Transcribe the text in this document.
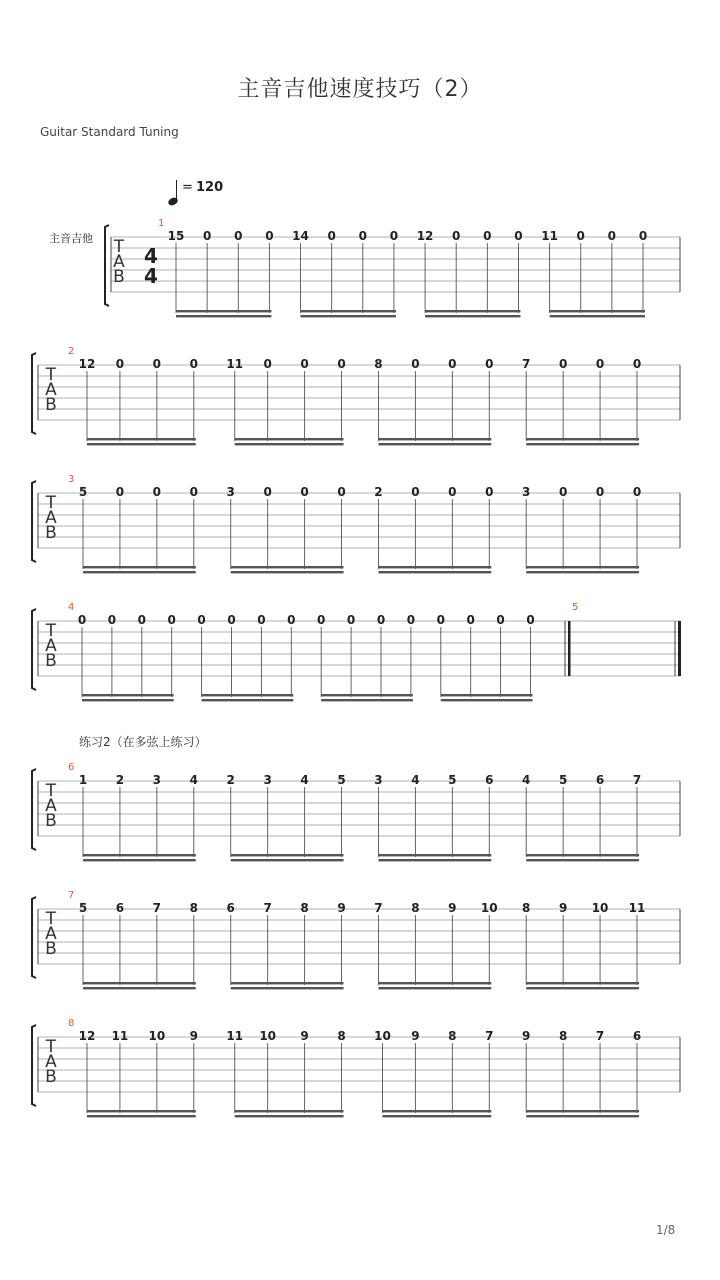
主音吉他速度技巧（2）
Guitar Standard Tuning
= 120
主音吉他
练习2（在多弦上练习）
T
A
B
4
4
1
15 0 0 0 14 0 0 0 12 0 0 0 11 0 0 0
T
A
B
2
12 0 0 0 11 0 0 0 8 0 0 0 7 0 0 0
T
A
B
3
5 0 0 0 3 0 0 0 2 0 0 0 3 0 0 0
T
A
B
4
0 0 0 0 0 0 0 0 0 0 0 0 0 0 0 0
5
T
A
B
6
1 2 3 4 2 3 4 5 3 4 5 6 4 5 6 7
T
A
B
7
5 6 7 8 6 7 8 9 7 8 9 10 8 9 10 11
T
A
B
8
12 11 10 9 11 10 9 8 10 9 8 7 9 8 7 6
1/8
